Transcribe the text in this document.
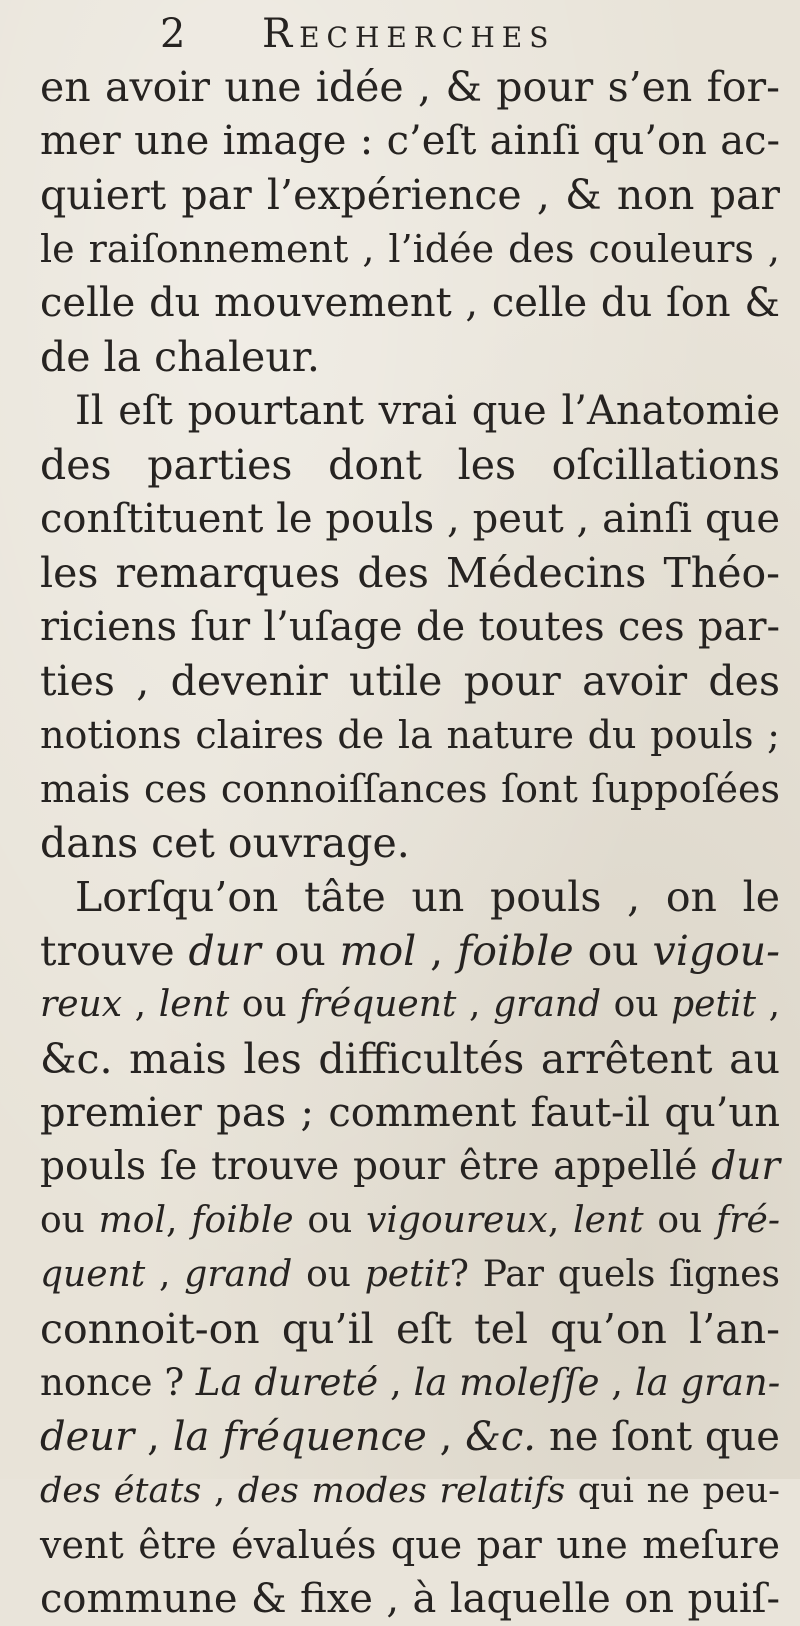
2 Recherches
en avoir une idée , & pour s’en for-
mer une image : c’eſt ainſi qu’on ac-
quiert par l’expérience , & non par
le raiſonnement , l’idée des couleurs ,
celle du mouvement , celle du ſon &
de la chaleur.
Il eſt pourtant vrai que l’Anatomie
des parties dont les oſcillations
conſtituent le pouls , peut , ainſi que
les remarques des Médecins Théo-
riciens ſur l’uſage de toutes ces par-
ties , devenir utile pour avoir des
notions claires de la nature du pouls ;
mais ces connoiſſances ſont ſuppoſées
dans cet ouvrage.
Lorſqu’on tâte un pouls , on le
trouve dur ou mol , foible ou vigou-
reux , lent ou fréquent , grand ou petit ,
&c. mais les difficultés arrêtent au
premier pas ; comment faut-il qu’un
pouls ſe trouve pour être appellé dur
ou mol, foible ou vigoureux, lent ou fré-
quent , grand ou petit? Par quels ſignes
connoit-on qu’il eſt tel qu’on l’an-
nonce ? La dureté , la moleſſe , la gran-
deur , la fréquence , &c. ne ſont que
des états , des modes relatifs qui ne peu-
vent être évalués que par une meſure
commune & fixe , à laquelle on puiſ-
